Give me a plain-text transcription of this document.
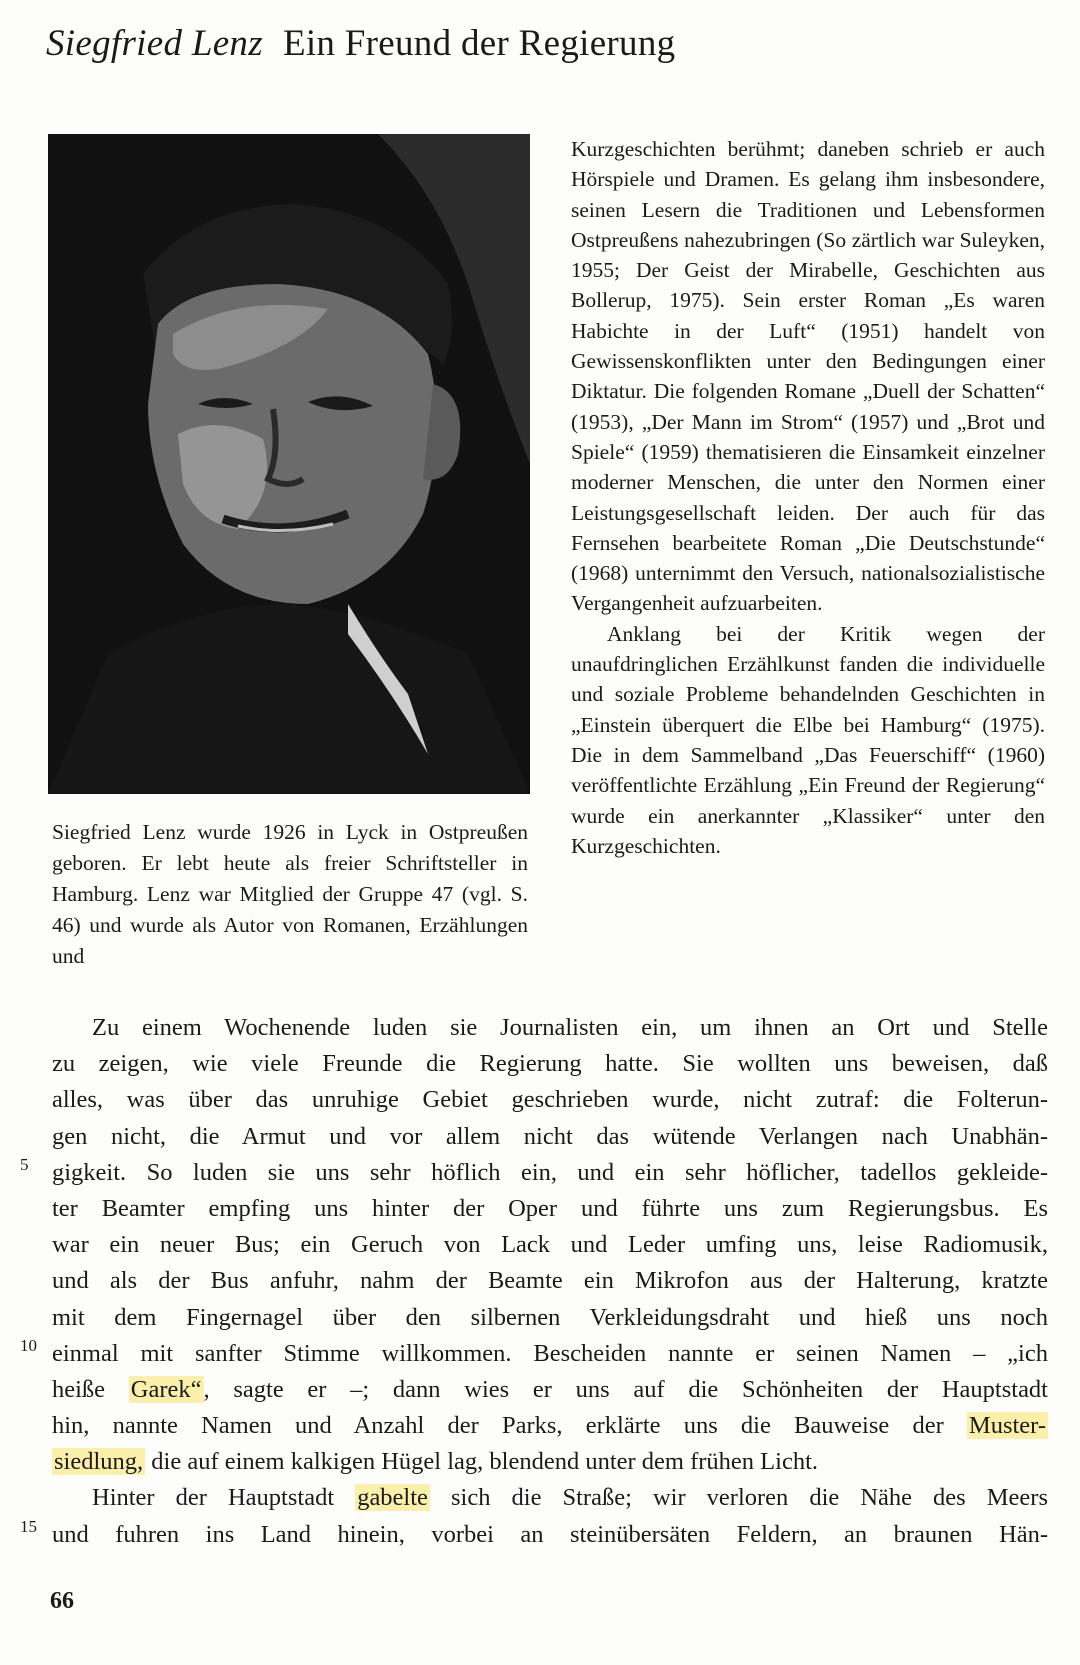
Siegfried Lenz Ein Freund der Regierung
Siegfried Lenz wurde 1926 in Lyck in Ostpreußen geboren. Er lebt heute als freier Schriftsteller in Hamburg. Lenz war Mitglied der Gruppe 47 (vgl. S. 46) und wurde als Autor von Romanen, Erzählungen und

Kurzgeschichten berühmt; daneben schrieb er auch Hörspiele und Dramen. Es gelang ihm insbesondere, seinen Lesern die Traditionen und Lebensformen Ostpreußens nahezubringen (So zärtlich war Suleyken, 1955; Der Geist der Mirabelle, Geschichten aus Bollerup, 1975). Sein erster Roman „Es waren Habichte in der Luft“ (1951) handelt von Gewissenskonflikten unter den Bedingungen einer Diktatur. Die folgenden Romane „Duell der Schatten“ (1953), „Der Mann im Strom“ (1957) und „Brot und Spiele“ (1959) thematisieren die Einsamkeit einzelner moderner Menschen, die unter den Normen einer Leistungsgesellschaft leiden. Der auch für das Fernsehen bearbeitete Roman „Die Deutschstunde“ (1968) unternimmt den Versuch, nationalsozialistische Vergangenheit aufzuarbeiten.

Anklang bei der Kritik wegen der unaufdringlichen Erzählkunst fanden die individuelle und soziale Probleme behandelnden Geschichten in „Einstein überquert die Elbe bei Hamburg“ (1975). Die in dem Sammelband „Das Feuerschiff“ (1960) veröffentlichte Erzählung „Ein Freund der Regierung“ wurde ein anerkannter „Klassiker“ unter den Kurzgeschichten.

Zu einem Wochenende luden sie Journalisten ein, um ihnen an Ort und Stelle
zu zeigen, wie viele Freunde die Regierung hatte. Sie wollten uns beweisen, daß
alles, was über das unruhige Gebiet geschrieben wurde, nicht zutraf: die Folterun-
gen nicht, die Armut und vor allem nicht das wütende Verlangen nach Unabhän-
gigkeit. So luden sie uns sehr höflich ein, und ein sehr höflicher, tadellos gekleide-
ter Beamter empfing uns hinter der Oper und führte uns zum Regierungsbus. Es
war ein neuer Bus; ein Geruch von Lack und Leder umfing uns, leise Radiomusik,
und als der Bus anfuhr, nahm der Beamte ein Mikrofon aus der Halterung, kratzte
mit dem Fingernagel über den silbernen Verkleidungsdraht und hieß uns noch
einmal mit sanfter Stimme willkommen. Bescheiden nannte er seinen Namen – „ich
heiße Garek“, sagte er –; dann wies er uns auf die Schönheiten der Hauptstadt
hin, nannte Namen und Anzahl der Parks, erklärte uns die Bauweise der Muster-
siedlung, die auf einem kalkigen Hügel lag, blendend unter dem frühen Licht.
Hinter der Hauptstadt gabelte sich die Straße; wir verloren die Nähe des Meers
und fuhren ins Land hinein, vorbei an steinübersäten Feldern, an braunen Hän-
5
10
15
66
